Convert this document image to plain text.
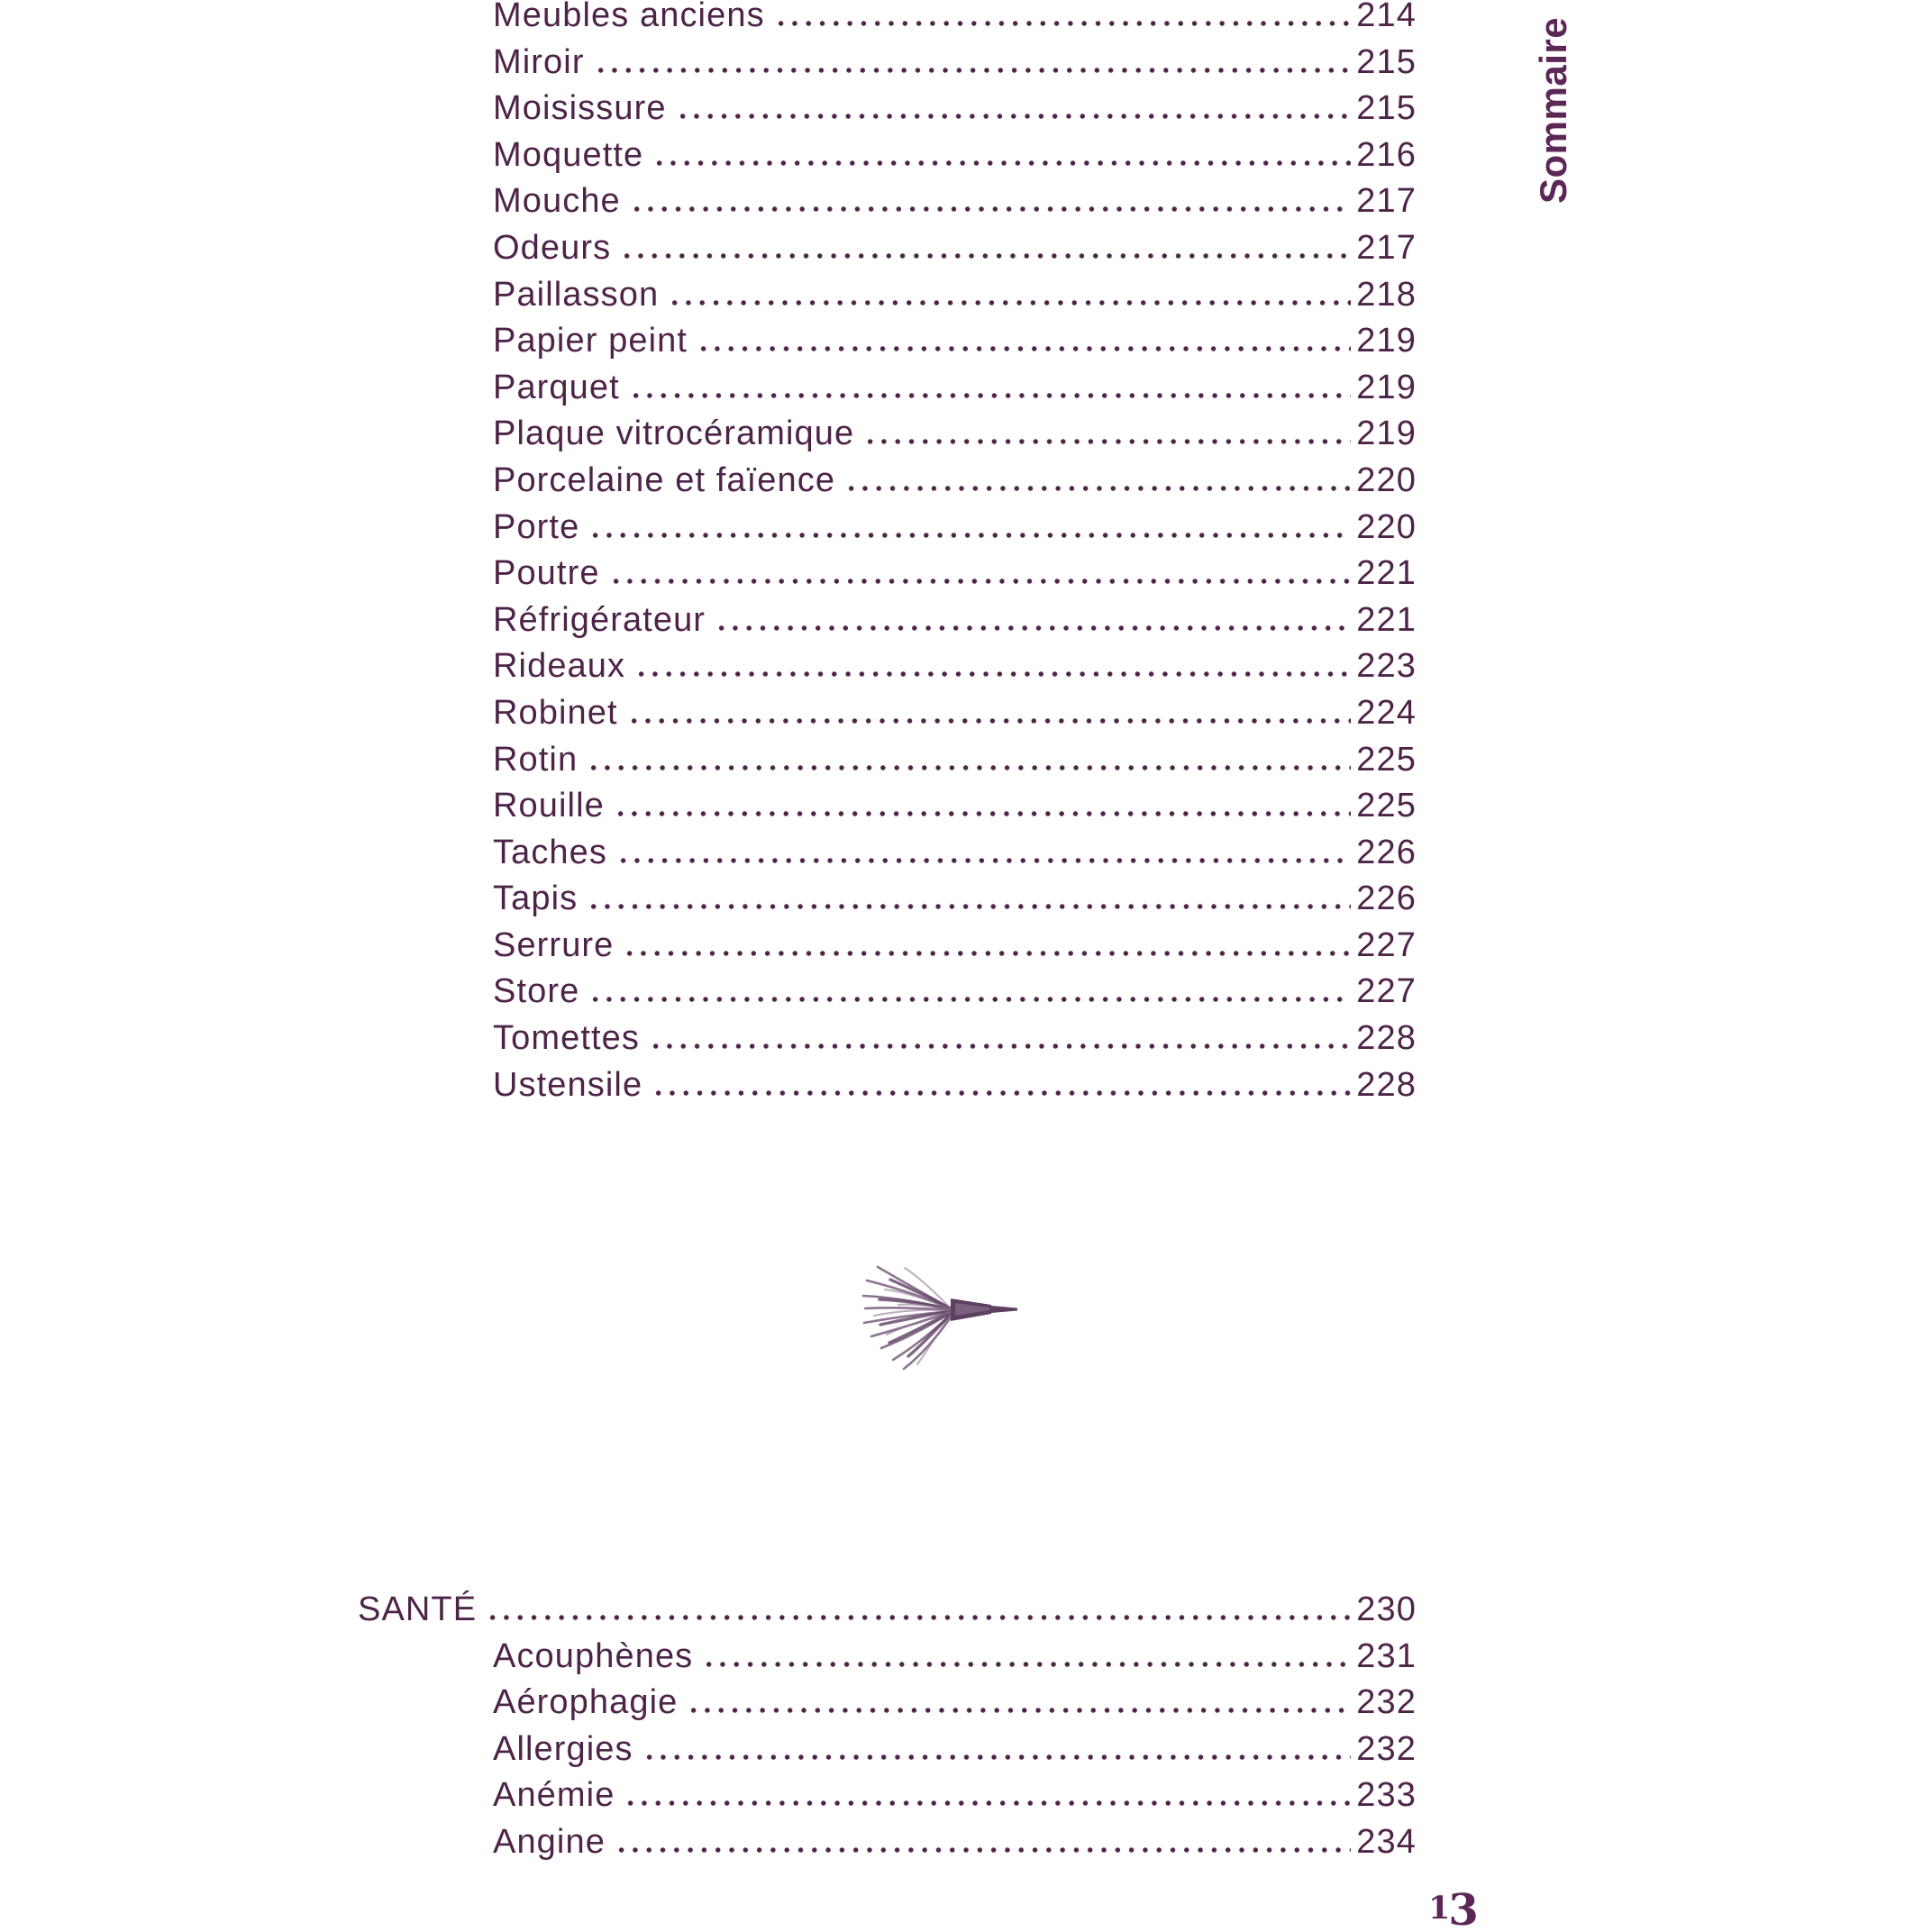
Meubles anciens	214
Miroir	215
Moisissure	215
Moquette	216
Mouche	217
Odeurs	217
Paillasson	218
Papier peint	219
Parquet	219
Plaque vitrocéramique	219
Porcelaine et faïence	220
Porte	220
Poutre	221
Réfrigérateur	221
Rideaux	223
Robinet	224
Rotin	225
Rouille	225
Taches	226
Tapis	226
Serrure	227
Store	227
Tomettes	228
Ustensile	228
SANTÉ	230
Acouphènes	231
Aérophagie	232
Allergies	232
Anémie	233
Angine	234
Sommaire
13
